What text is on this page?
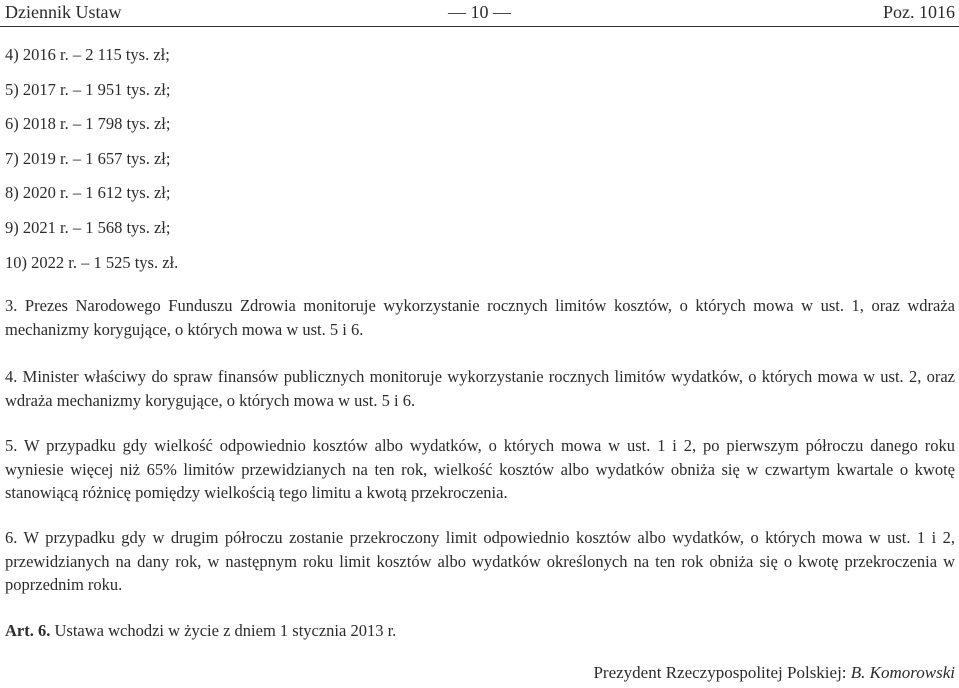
Dziennik Ustaw	— 10 —	Poz. 1016
4) 2016 r. – 2 115 tys. zł;
5) 2017 r. – 1 951 tys. zł;
6) 2018 r. – 1 798 tys. zł;
7) 2019 r. – 1 657 tys. zł;
8) 2020 r. – 1 612 tys. zł;
9) 2021 r. – 1 568 tys. zł;
10) 2022 r. – 1 525 tys. zł.

3. Prezes Narodowego Funduszu Zdrowia monitoruje wykorzystanie rocznych limitów kosztów, o których mowa w ust. 1, oraz wdraża mechanizmy korygujące, o których mowa w ust. 5 i 6.

4. Minister właściwy do spraw finansów publicznych monitoruje wykorzystanie rocznych limitów wydatków, o których mowa w ust. 2, oraz wdraża mechanizmy korygujące, o których mowa w ust. 5 i 6.

5. W przypadku gdy wielkość odpowiednio kosztów albo wydatków, o których mowa w ust. 1 i 2, po pierwszym półroczu danego roku wyniesie więcej niż 65% limitów przewidzianych na ten rok, wielkość kosztów albo wydatków obniża się w czwartym kwartale o kwotę stanowiącą różnicę pomiędzy wielkością tego limitu a kwotą przekroczenia.

6. W przypadku gdy w drugim półroczu zostanie przekroczony limit odpowiednio kosztów albo wydatków, o których mowa w ust. 1 i 2, przewidzianych na dany rok, w następnym roku limit kosztów albo wydatków określonych na ten rok obniża się o kwotę przekroczenia w poprzednim roku.

Art. 6. Ustawa wchodzi w życie z dniem 1 stycznia 2013 r.

Prezydent Rzeczypospolitej Polskiej: B. Komorowski
